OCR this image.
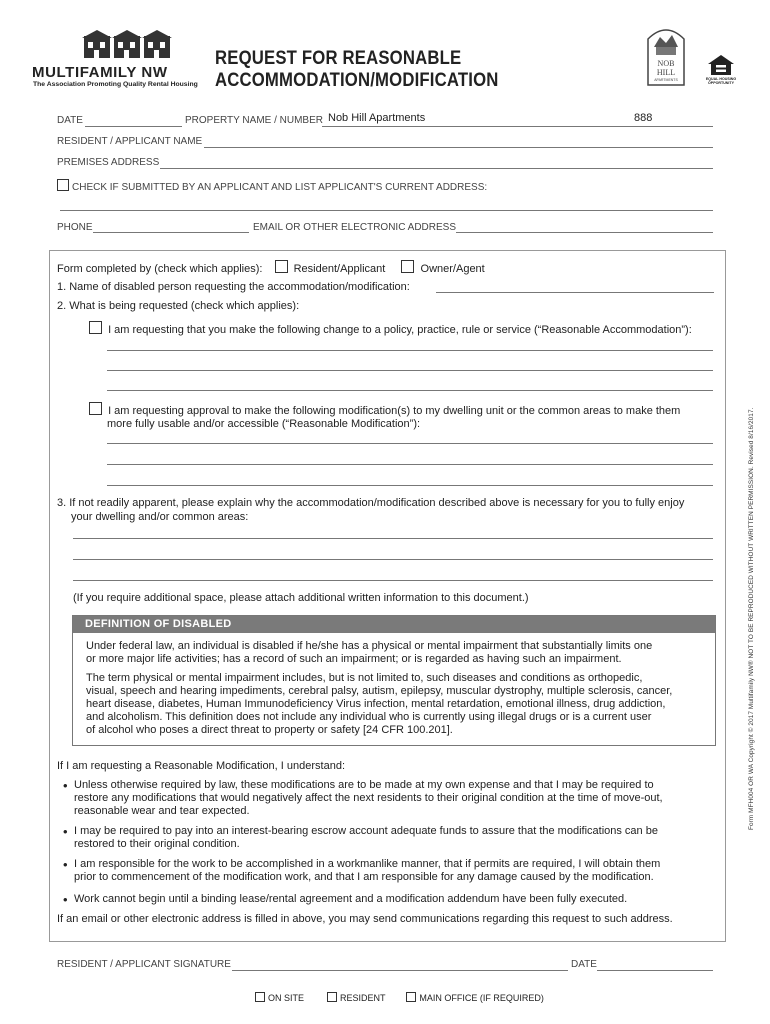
MULTIFAMILY NW
The Association Promoting Quality Rental Housing
REQUEST FOR REASONABLE
ACCOMMODATION/MODIFICATION
NOB HILL
APARTMENTS	EQUAL HOUSING OPPORTUNITY
DATE	PROPERTY NAME / NUMBER Nob Hill Apartments	888
RESIDENT / APPLICANT NAME
PREMISES ADDRESS
CHECK IF SUBMITTED BY AN APPLICANT AND LIST APPLICANT'S CURRENT ADDRESS:
PHONE	EMAIL OR OTHER ELECTRONIC ADDRESS
Form completed by (check which applies):	Resident/Applicant	Owner/Agent
1. Name of disabled person requesting the accommodation/modification:
2. What is being requested (check which applies):
I am requesting that you make the following change to a policy, practice, rule or service (“Reasonable Accommodation”):
I am requesting approval to make the following modification(s) to my dwelling unit or the common areas to make them
more fully usable and/or accessible (“Reasonable Modification”):
3. If not readily apparent, please explain why the accommodation/modification described above is necessary for you to fully enjoy
your dwelling and/or common areas:
(If you require additional space, please attach additional written information to this document.)
DEFINITION OF DISABLED
Under federal law, an individual is disabled if he/she has a physical or mental impairment that substantially limits one
or more major life activities; has a record of such an impairment; or is regarded as having such an impairment.
The term physical or mental impairment includes, but is not limited to, such diseases and conditions as orthopedic,
visual, speech and hearing impediments, cerebral palsy, autism, epilepsy, muscular dystrophy, multiple sclerosis, cancer,
heart disease, diabetes, Human Immunodeficiency Virus infection, mental retardation, emotional illness, drug addiction,
and alcoholism. This definition does not include any individual who is currently using illegal drugs or is a current user
of alcohol who poses a direct threat to property or safety [24 CFR 100.201].
If I am requesting a Reasonable Modification, I understand:
• Unless otherwise required by law, these modifications are to be made at my own expense and that I may be required to
restore any modifications that would negatively affect the next residents to their original condition at the time of move-out,
reasonable wear and tear expected.
• I may be required to pay into an interest-bearing escrow account adequate funds to assure that the modifications can be
restored to their original condition.
• I am responsible for the work to be accomplished in a workmanlike manner, that if permits are required, I will obtain them
prior to commencement of the modification work, and that I am responsible for any damage caused by the modification.
• Work cannot begin until a binding lease/rental agreement and a modification addendum have been fully executed.
If an email or other electronic address is filled in above, you may send communications regarding this request to such address.
RESIDENT / APPLICANT SIGNATURE	DATE
ON SITE	RESIDENT	MAIN OFFICE (IF REQUIRED)
Form MFH004 OR WA Copyright © 2017 Multifamily NW® NOT TO BE REPRODUCED WITHOUT WRITTEN PERMISSION. Revised 8/16/2017.
